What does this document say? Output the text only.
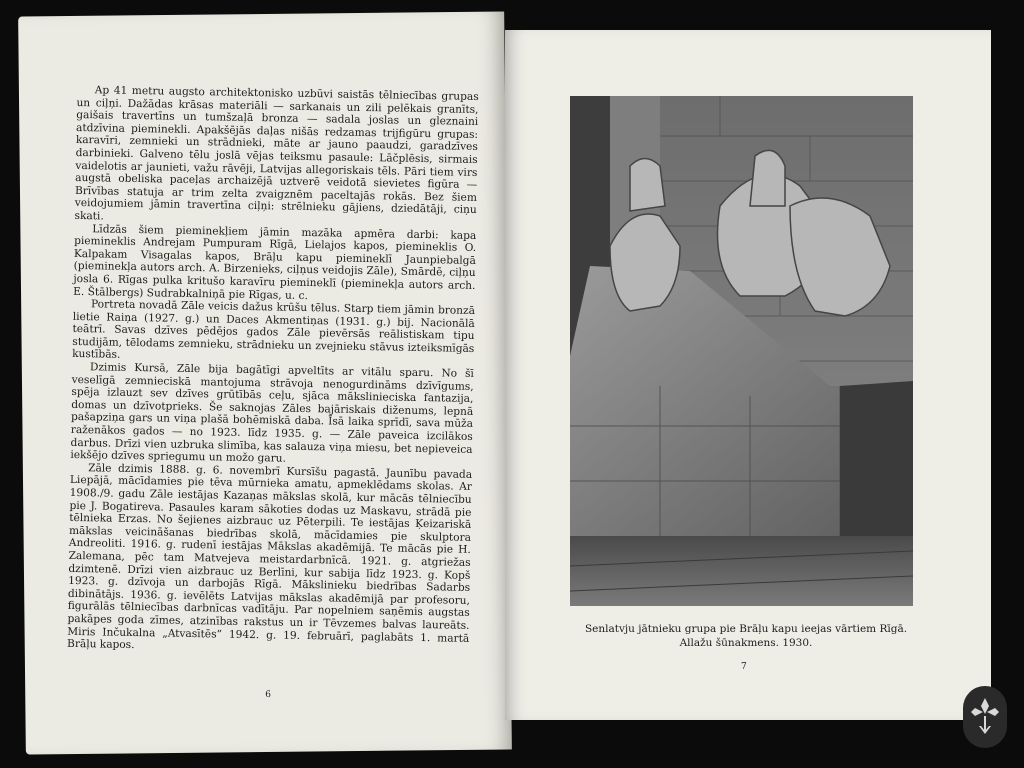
Ap 41 metru augsto architektonisko uzbūvi saistās tēlniecības grupas un ciļņi. Dažādas krāsas materiāli — sarkanais un zili pelēkais granīts, gaišais travertīns un tumšzaļā bronza — sadala joslas un gleznaini atdzīvina pieminekli. Apakšējās daļas nišās redzamas trijfigūru grupas: karavīri, zemnieki un strādnieki, māte ar jauno paaudzi, garadzīves darbinieki. Galveno tēlu joslā vējas teiksmu pasaule: Lāčplēsis, sirmais vaidelotis ar jaunieti, važu rāvēji, Latvijas allegoriskais tēls. Pāri tiem virs augstā obeliska paceļas archaizējā uztverē veidotā sievietes figūra — Brīvības statuja ar trim zelta zvaigznēm paceltajās rokās. Bez šiem veidojumiem jāmin travertīna ciļņi: strēlnieku gājiens, dziedātāji, ciņu skati.

Līdzās šiem pieminekļiem jāmin mazāka apmēra darbi: kapa piemineklis Andrejam Pumpuram Rīgā, Lielajos kapos, piemineklis O. Kalpakam Visagalas kapos, Brāļu kapu piemineklī Jaunpiebalgā (pieminekļa autors arch. A. Birzenieks, ciļņus veidojis Zāle), Smārdē, ciļņu josla 6. Rīgas pulka kritušo karavīru piemineklī (pieminekļa autors arch. E. Štālbergs) Sudrabkalniņā pie Rīgas, u. c.

Portreta novadā Zāle veicis dažus krūšu tēlus. Starp tiem jāmin bronzā lietie Raiņa (1927. g.) un Daces Akmentiņas (1931. g.) bij. Nacionālā teātrī. Savas dzīves pēdējos gados Zāle pievērsās reālistiskam tipu studijām, tēlodams zemnieku, strādnieku un zvejnieku stāvus izteiksmīgās kustībās.

Dzimis Kursā, Zāle bija bagātīgi apveltīts ar vitālu sparu. No šī veselīgā zemnieciskā mantojuma strāvoja nenogurdināms dzīvīgums, spēja izlauzt sev dzīves grūtībās ceļu, sjāca mākslinieciska fantazija, domas un dzīvotprieks. Še saknojas Zāles bajāriskais diženums, lepnā pašapziņa gars un viņa plašā bohēmiskā daba. Īsā laika sprīdī, sava mūža raženākos gados — no 1923. līdz 1935. g. — Zāle paveica izcilākos darbus. Drīzi vien uzbruka slimība, kas salauza viņa miesu, bet nepieveica iekšējo dzīves spriegumu un možo garu.

Zāle dzimis 1888. g. 6. novembrī Kursīšu pagastā. Jaunību pavada Liepājā, mācīdamies pie tēva mūrnieka amatu, apmeklēdams skolas. Ar 1908./9. gadu Zāle iestājas Kazaņas mākslas skolā, kur mācās tēlniecību pie J. Bogatireva. Pasaules karam sākoties dodas uz Maskavu, strādā pie tēlnieka Erzas. No šejienes aizbrauc uz Pēterpili. Te iestājas Ķeizariskā mākslas veicināšanas biedrības skolā, mācīdamies pie skulptora Andreoliti. 1916. g. rudenī iestājas Mākslas akadēmijā. Te mācās pie H. Zalemana, pēc tam Matvejeva meistardarbnīcā. 1921. g. atgriežas dzimtenē. Drīzi vien aizbrauc uz Berlīni, kur sabija līdz 1923. g. Kopš 1923. g. dzīvoja un darbojās Rīgā. Mākslinieku biedrības Sadarbs dibinātājs. 1936. g. ievēlēts Latvijas mākslas akadēmijā par profesoru, figurālās tēlniecības darbnīcas vadītāju. Par nopelniem saņēmis augstas pakāpes goda zīmes, atzinības rakstus un ir Tēvzemes balvas laureāts. Miris Inčukalna „Atvasītēs” 1942. g. 19. februārī, paglabāts 1. martā Brāļu kapos.

6
Senlatvju jātnieku grupa pie Brāļu kapu ieejas vārtiem Rīgā.
Allažu šūnakmens. 1930.
7
